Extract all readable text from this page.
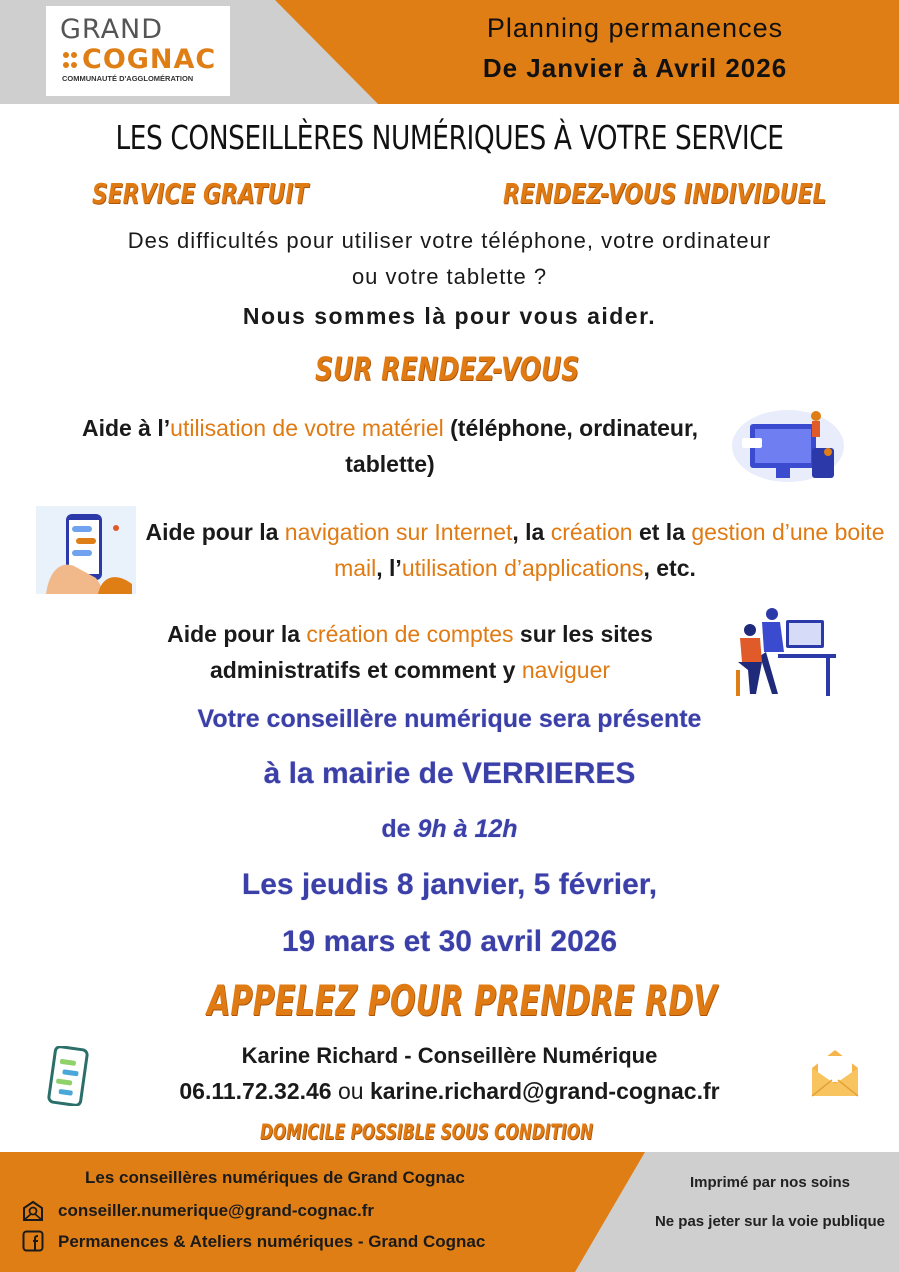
GRAND
COGNAC
COMMUNAUTÉ D'AGGLOMÉRATION
Planning permanences
De Janvier à Avril 2026
LES CONSEILLÈRES NUMÉRIQUES À VOTRE SERVICE
SERVICE GRATUIT	RENDEZ-VOUS INDIVIDUEL
Des difficultés pour utiliser votre téléphone, votre ordinateur
ou votre tablette ?
Nous sommes là pour vous aider.
SUR RENDEZ-VOUS
Aide à l’utilisation de votre matériel (téléphone, ordinateur, tablette)
Aide pour la navigation sur Internet, la création et la gestion d’une boite mail, l’utilisation d’applications, etc.
Aide pour la création de comptes sur les sites administratifs et comment y naviguer
Votre conseillère numérique sera présente
à la mairie de VERRIERES
de 9h à 12h
Les jeudis 8 janvier, 5 février,
19 mars et 30 avril 2026
APPELEZ POUR PRENDRE RDV
Karine Richard - Conseillère Numérique
06.11.72.32.46 ou karine.richard@grand-cognac.fr
DOMICILE POSSIBLE SOUS CONDITION
Les conseillères numériques de Grand Cognac
conseiller.numerique@grand-cognac.fr
Permanences & Ateliers numériques - Grand Cognac
Imprimé par nos soins
Ne pas jeter sur la voie publique
